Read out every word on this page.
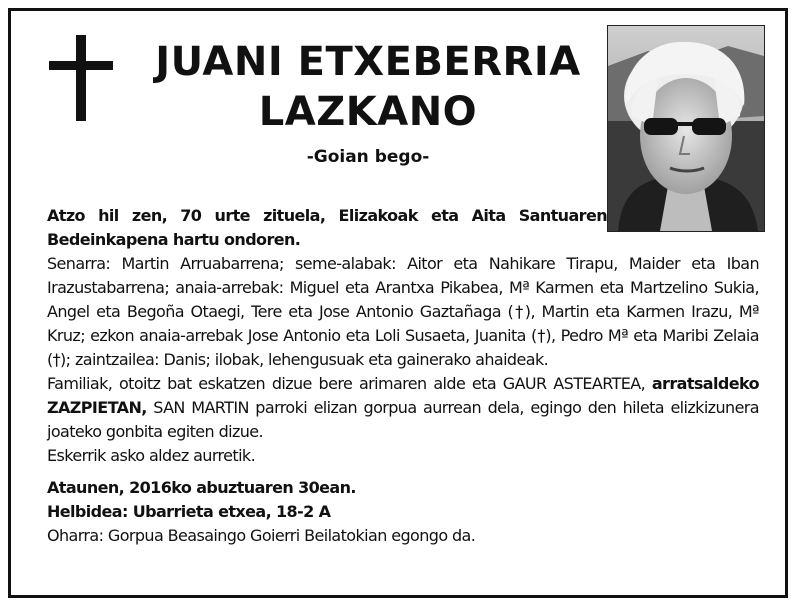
JUANI ETXEBERRIA
LAZKANO
-Goian bego-

Atzo hil zen, 70 urte zituela, Elizakoak eta Aita Santuaren Bedeinkapena hartu ondoren.

Senarra: Martin Arruabarrena; seme-alabak: Aitor eta Nahikare Tirapu, Maider eta Iban Irazustabarrena; anaia-arrebak: Miguel eta Arantxa Pikabea, Mª Karmen eta Martzelino Sukia, Angel eta Begoña Otaegi, Tere eta Jose Antonio Gaztañaga (†), Martin eta Karmen Irazu, Mª Kruz; ezkon anaia-arrebak Jose Antonio eta Loli Susaeta, Juanita (†), Pedro Mª eta Maribi Zelaia (†); zaintzailea: Danis; ilobak, lehengusuak eta gainerako ahaideak.

Familiak, otoitz bat eskatzen dizue bere arimaren alde eta GAUR ASTEARTEA, arratsaldeko ZAZPIETAN, SAN MARTIN parroki elizan gorpua aurrean dela, egingo den hileta elizkizunera joateko gonbita egiten dizue.

Eskerrik asko aldez aurretik.

Atаunen, 2016ko abuztuaren 30ean.

Helbidea: Ubarrieta etxea, 18-2 A

Oharra: Gorpua Beasaingo Goierri Beilatokian egongo da.
